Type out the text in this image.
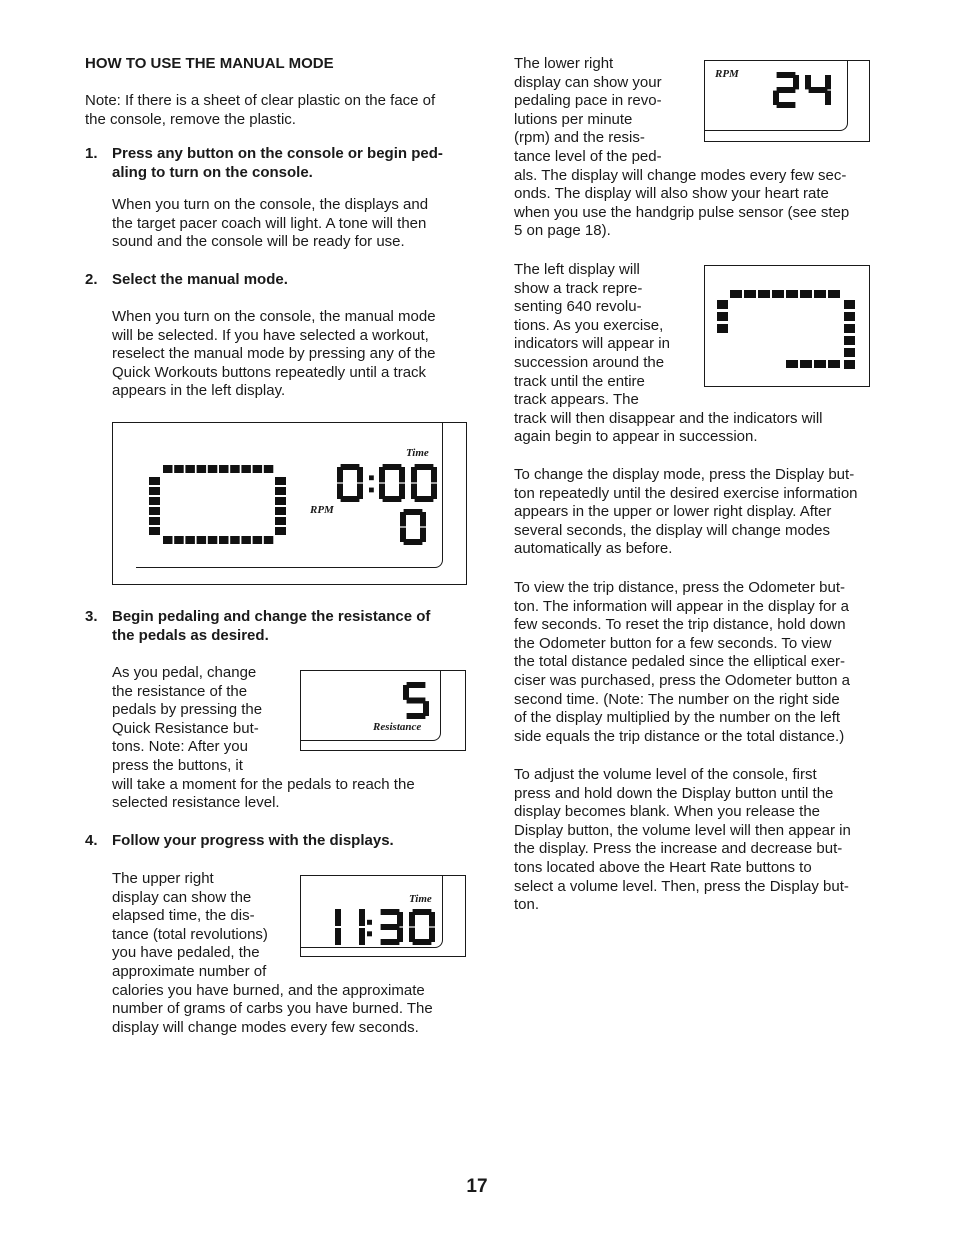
HOW TO USE THE MANUAL MODE
1.
2.
Time
RPM
3.
Resistance
4.
Time
Note: If there is a sheet of clear plastic on the face of
the console, remove the plastic.
Press any button on the console or begin ped-
aling to turn on the console.
When you turn on the console, the displays and
the target pacer coach will light. A tone will then
sound and the console will be ready for use.
Select the manual mode.
When you turn on the console, the manual mode
will be selected. If you have selected a workout,
reselect the manual mode by pressing any of the
Quick Workouts buttons repeatedly until a track
appears in the left display.
Begin pedaling and change the resistance of
the pedals as desired.
As you pedal, change
the resistance of the
pedals by pressing the
Quick Resistance but-
tons. Note: After you
press the buttons, it
will take a moment for the pedals to reach the
selected resistance level.
Follow your progress with the displays.
The upper right
display can show the
elapsed time, the dis-
tance (total revolutions)
you have pedaled, the
approximate number of
calories you have burned, and the approximate
number of grams of carbs you have burned. The
display will change modes every few seconds.
RPM
The lower right
display can show your
pedaling pace in revo-
lutions per minute
(rpm) and the resis-
tance level of the ped-
als. The display will change modes every few sec-
onds. The display will also show your heart rate
when you use the handgrip pulse sensor (see step
5 on page 18).
The left display will
show a track repre-
senting 640 revolu-
tions. As you exercise,
indicators will appear in
succession around the
track until the entire
track appears. The
track will then disappear and the indicators will
again begin to appear in succession.
To change the display mode, press the Display but-
ton repeatedly until the desired exercise information
appears in the upper or lower right display. After
several seconds, the display will change modes
automatically as before.
To view the trip distance, press the Odometer but-
ton. The information will appear in the display for a
few seconds. To reset the trip distance, hold down
the Odometer button for a few seconds. To view
the total distance pedaled since the elliptical exer-
ciser was purchased, press the Odometer button a
second time. (Note: The number on the right side
of the display multiplied by the number on the left
side equals the trip distance or the total distance.)
To adjust the volume level of the console, first
press and hold down the Display button until the
display becomes blank. When you release the
Display button, the volume level will then appear in
the display. Press the increase and decrease but-
tons located above the Heart Rate buttons to
select a volume level. Then, press the Display but-
ton.
17
